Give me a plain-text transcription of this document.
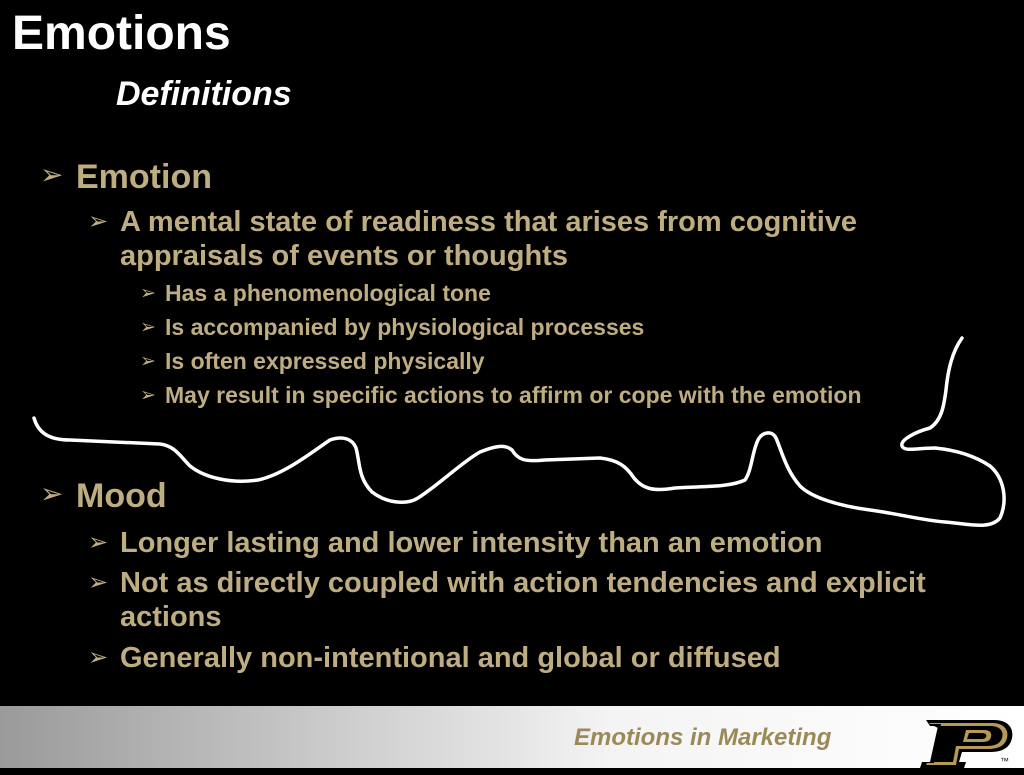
Emotions
Definitions
➢ Emotion
➢ A mental state of readiness that arises from cognitive appraisals of events or thoughts
➢ Has a phenomenological tone
➢ Is accompanied by physiological processes
➢ Is often expressed physically
➢ May result in specific actions to affirm or cope with the emotion
➢ Mood
➢ Longer lasting and lower intensity than an emotion
➢ Not as directly coupled with action tendencies and explicit actions
➢ Generally non-intentional and global or diffused
Emotions in Marketing
™
